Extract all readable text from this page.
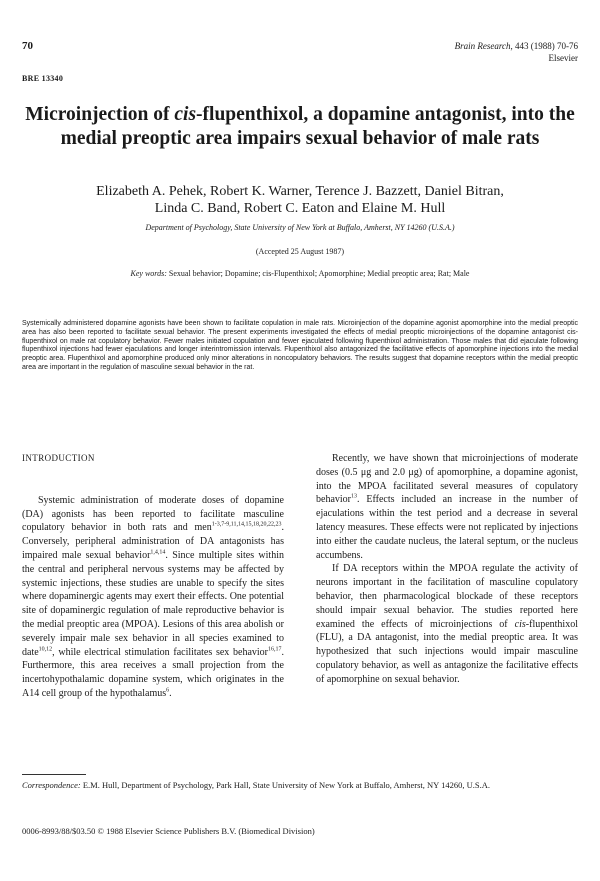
70	Brain Research, 443 (1988) 70-76
Elsevier
BRE 13340
Microinjection of cis-flupenthixol, a dopamine antagonist, into the medial preoptic area impairs sexual behavior of male rats
Elizabeth A. Pehek, Robert K. Warner, Terence J. Bazzett, Daniel Bitran,
Linda C. Band, Robert C. Eaton and Elaine M. Hull
Department of Psychology, State University of New York at Buffalo, Amherst, NY 14260 (U.S.A.)
(Accepted 25 August 1987)
Key words: Sexual behavior; Dopamine; cis-Flupenthixol; Apomorphine; Medial preoptic area; Rat; Male
Systemically administered dopamine agonists have been shown to facilitate copulation in male rats. Microinjection of the dopamine agonist apomorphine into the medial preoptic area has also been reported to facilitate sexual behavior. The present experiments investigated the effects of medial preoptic microinjections of the dopamine antagonist cis-flupenthixol on male rat copulatory behavior. Fewer males initiated copulation and fewer ejaculated following flupenthixol administration. Those males that did ejaculate following flupenthixol injections had fewer ejaculations and longer interintromission intervals. Flupenthixol also antagonized the facilitative effects of apomorphine injections into the medial preoptic area. Flupenthixol and apomorphine produced only minor alterations in noncopulatory behaviors. The results suggest that dopamine receptors within the medial preoptic area are important in the regulation of masculine sexual behavior in the rat.
INTRODUCTION

Systemic administration of moderate doses of dopamine (DA) agonists has been reported to facilitate masculine copulatory behavior in both rats and men$^{1-3,7-9,11,14,15,18,20,22,23}$. Conversely, peripheral administration of DA antagonists has impaired male sexual behavior$^{1,4,14}$. Since multiple sites within the central and peripheral nervous systems may be affected by systemic injections, these studies are unable to specify the sites where dopaminergic agents may exert their effects. One potential site of dopaminergic regulation of male reproductive behavior is the medial preoptic area (MPOA). Lesions of this area abolish or severely impair male sex behavior in all species examined to date$^{10,12}$, while electrical stimulation facilitates sex behavior$^{16,17}$. Furthermore, this area receives a small projection from the incertohypothalamic dopamine system, which originates in the A14 cell group of the hypothalamus$^6$.

Recently, we have shown that microinjections of moderate doses (0.5 μg and 2.0 μg) of apomorphine, a dopamine agonist, into the MPOA facilitated several measures of copulatory behavior$^{13}$. Effects included an increase in the number of ejaculations within the test period and a decrease in several latency measures. These effects were not replicated by injections into either the caudate nucleus, the lateral septum, or the nucleus accumbens.

If DA receptors within the MPOA regulate the activity of neurons important in the facilitation of masculine copulatory behavior, then pharmacological blockade of these receptors should impair sexual behavior. The studies reported here examined the effects of microinjections of cis-flupenthixol (FLU), a DA antagonist, into the medial preoptic area. It was hypothesized that such injections would impair masculine copulatory behavior, as well as antagonize the facilitative effects of apomorphine on sexual behavior.

Correspondence: E.M. Hull, Department of Psychology, Park Hall, State University of New York at Buffalo, Amherst, NY 14260, U.S.A.
0006-8993/88/$03.50 © 1988 Elsevier Science Publishers B.V. (Biomedical Division)
